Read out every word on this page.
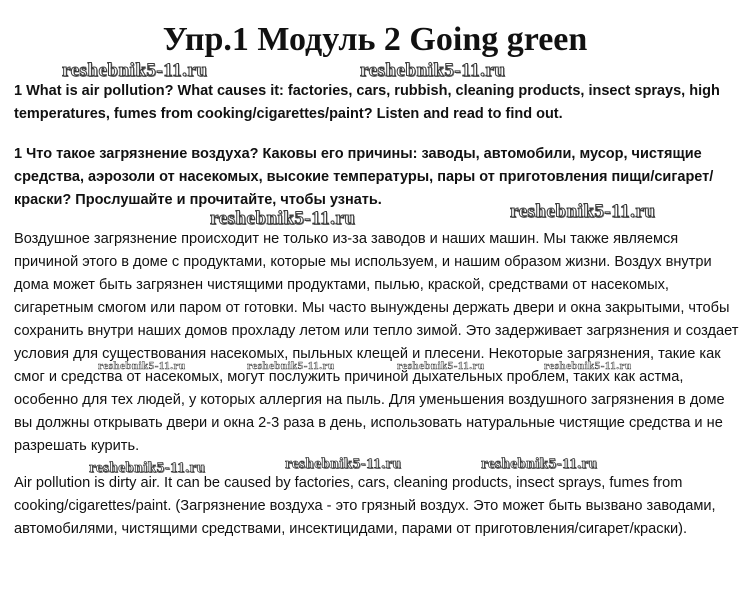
Упр.1 Модуль 2 Going green
reshebnik5-11.ru	reshebnik5-11.ru
1 What is air pollution? What causes it: factories, cars, rubbish, cleaning products, insect sprays, high temperatures, fumes from cooking/cigarettes/paint? Listen and read to find out.
1 Что такое загрязнение воздуха? Каковы его причины: заводы, автомобили, мусор, чистящие средства, аэрозоли от насекомых, высокие температуры, пары от приготовления пищи/сигарет/краски? Прослушайте и прочитайте, чтобы узнать.
reshebnik5-11.ru	reshebnik5-11.ru
Воздушное загрязнение происходит не только из-за заводов и наших машин. Мы также являемся причиной этого в доме с продуктами, которые мы используем, и нашим образом жизни. Воздух внутри дома может быть загрязнен чистящими продуктами, пылью, краской, средствами от насекомых, сигаретным смогом или паром от готовки. Мы часто вынуждены держать двери и окна закрытыми, чтобы сохранить внутри наших домов прохладу летом или тепло зимой. Это задерживает загрязнения и создает условия для существования насекомых, пыльных клещей и плесени. Некоторые загрязнения, такие как смог и средства от насекомых, могут послужить причиной дыхательных проблем, таких как астма, особенно для тех людей, у которых аллергия на пыль. Для уменьшения воздушного загрязнения в доме вы должны открывать двери и окна 2-3 раза в день, использовать натуральные чистящие средства и не разрешать курить.
reshebnik5-11.ru	reshebnik5-11.ru	reshebnik5-11.ru	reshebnik5-11.ru
reshebnik5-11.ru	reshebnik5-11.ru	reshebnik5-11.ru
Air pollution is dirty air. It can be caused by factories, cars, cleaning products, insect sprays, fumes from cooking/cigarettes/paint. (Загрязнение воздуха - это грязный воздух. Это может быть вызвано заводами, автомобилями, чистящими средствами, инсектицидами, парами от приготовления/сигарет/краски).
